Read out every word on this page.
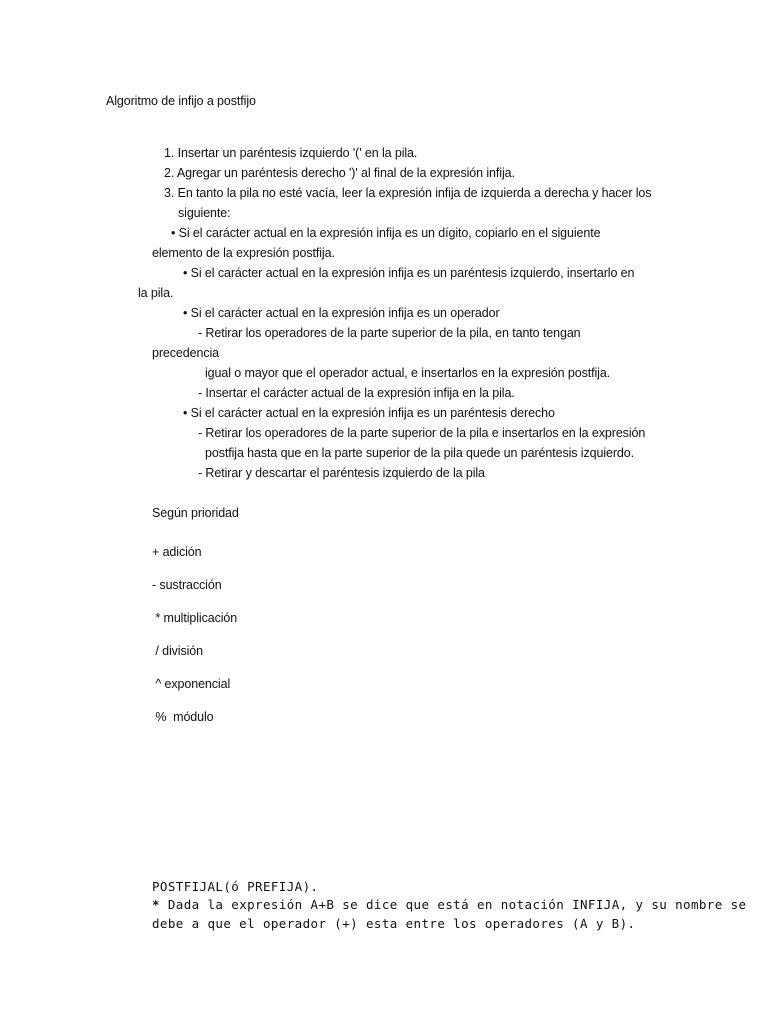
Algoritmo de infijo a postfijo
1. Insertar un paréntesis izquierdo '(' en la pila.
2. Agregar un paréntesis derecho ')' al final de la expresión infija.
3. En tanto la pila no esté vacía, leer la expresión infija de izquierda a derecha y hacer los
siguiente:
• Si el carácter actual en la expresión infija es un dígito, copiarlo en el siguiente
elemento de la expresión postfija.
• Si el carácter actual en la expresión infija es un paréntesis izquierdo, insertarlo en
la pila.
• Si el carácter actual en la expresión infija es un operador
- Retirar los operadores de la parte superior de la pila, en tanto tengan
precedencia
igual o mayor que el operador actual, e insertarlos en la expresión postfija.
- Insertar el carácter actual de la expresión infija en la pila.
• Si el carácter actual en la expresión infija es un paréntesis derecho
- Retirar los operadores de la parte superior de la pila e insertarlos en la expresión
postfija hasta que en la parte superior de la pila quede un paréntesis izquierdo.
- Retirar y descartar el paréntesis izquierdo de la pila
Según prioridad
+ adición
- sustracción
* multiplicación
/ división
^ exponencial
%  módulo
POSTFIJAL(ó PREFIJA).
* Dada la expresión A+B se dice que está en notación INFIJA, y su nombre se
debe a que el operador (+) esta entre los operadores (A y B).
